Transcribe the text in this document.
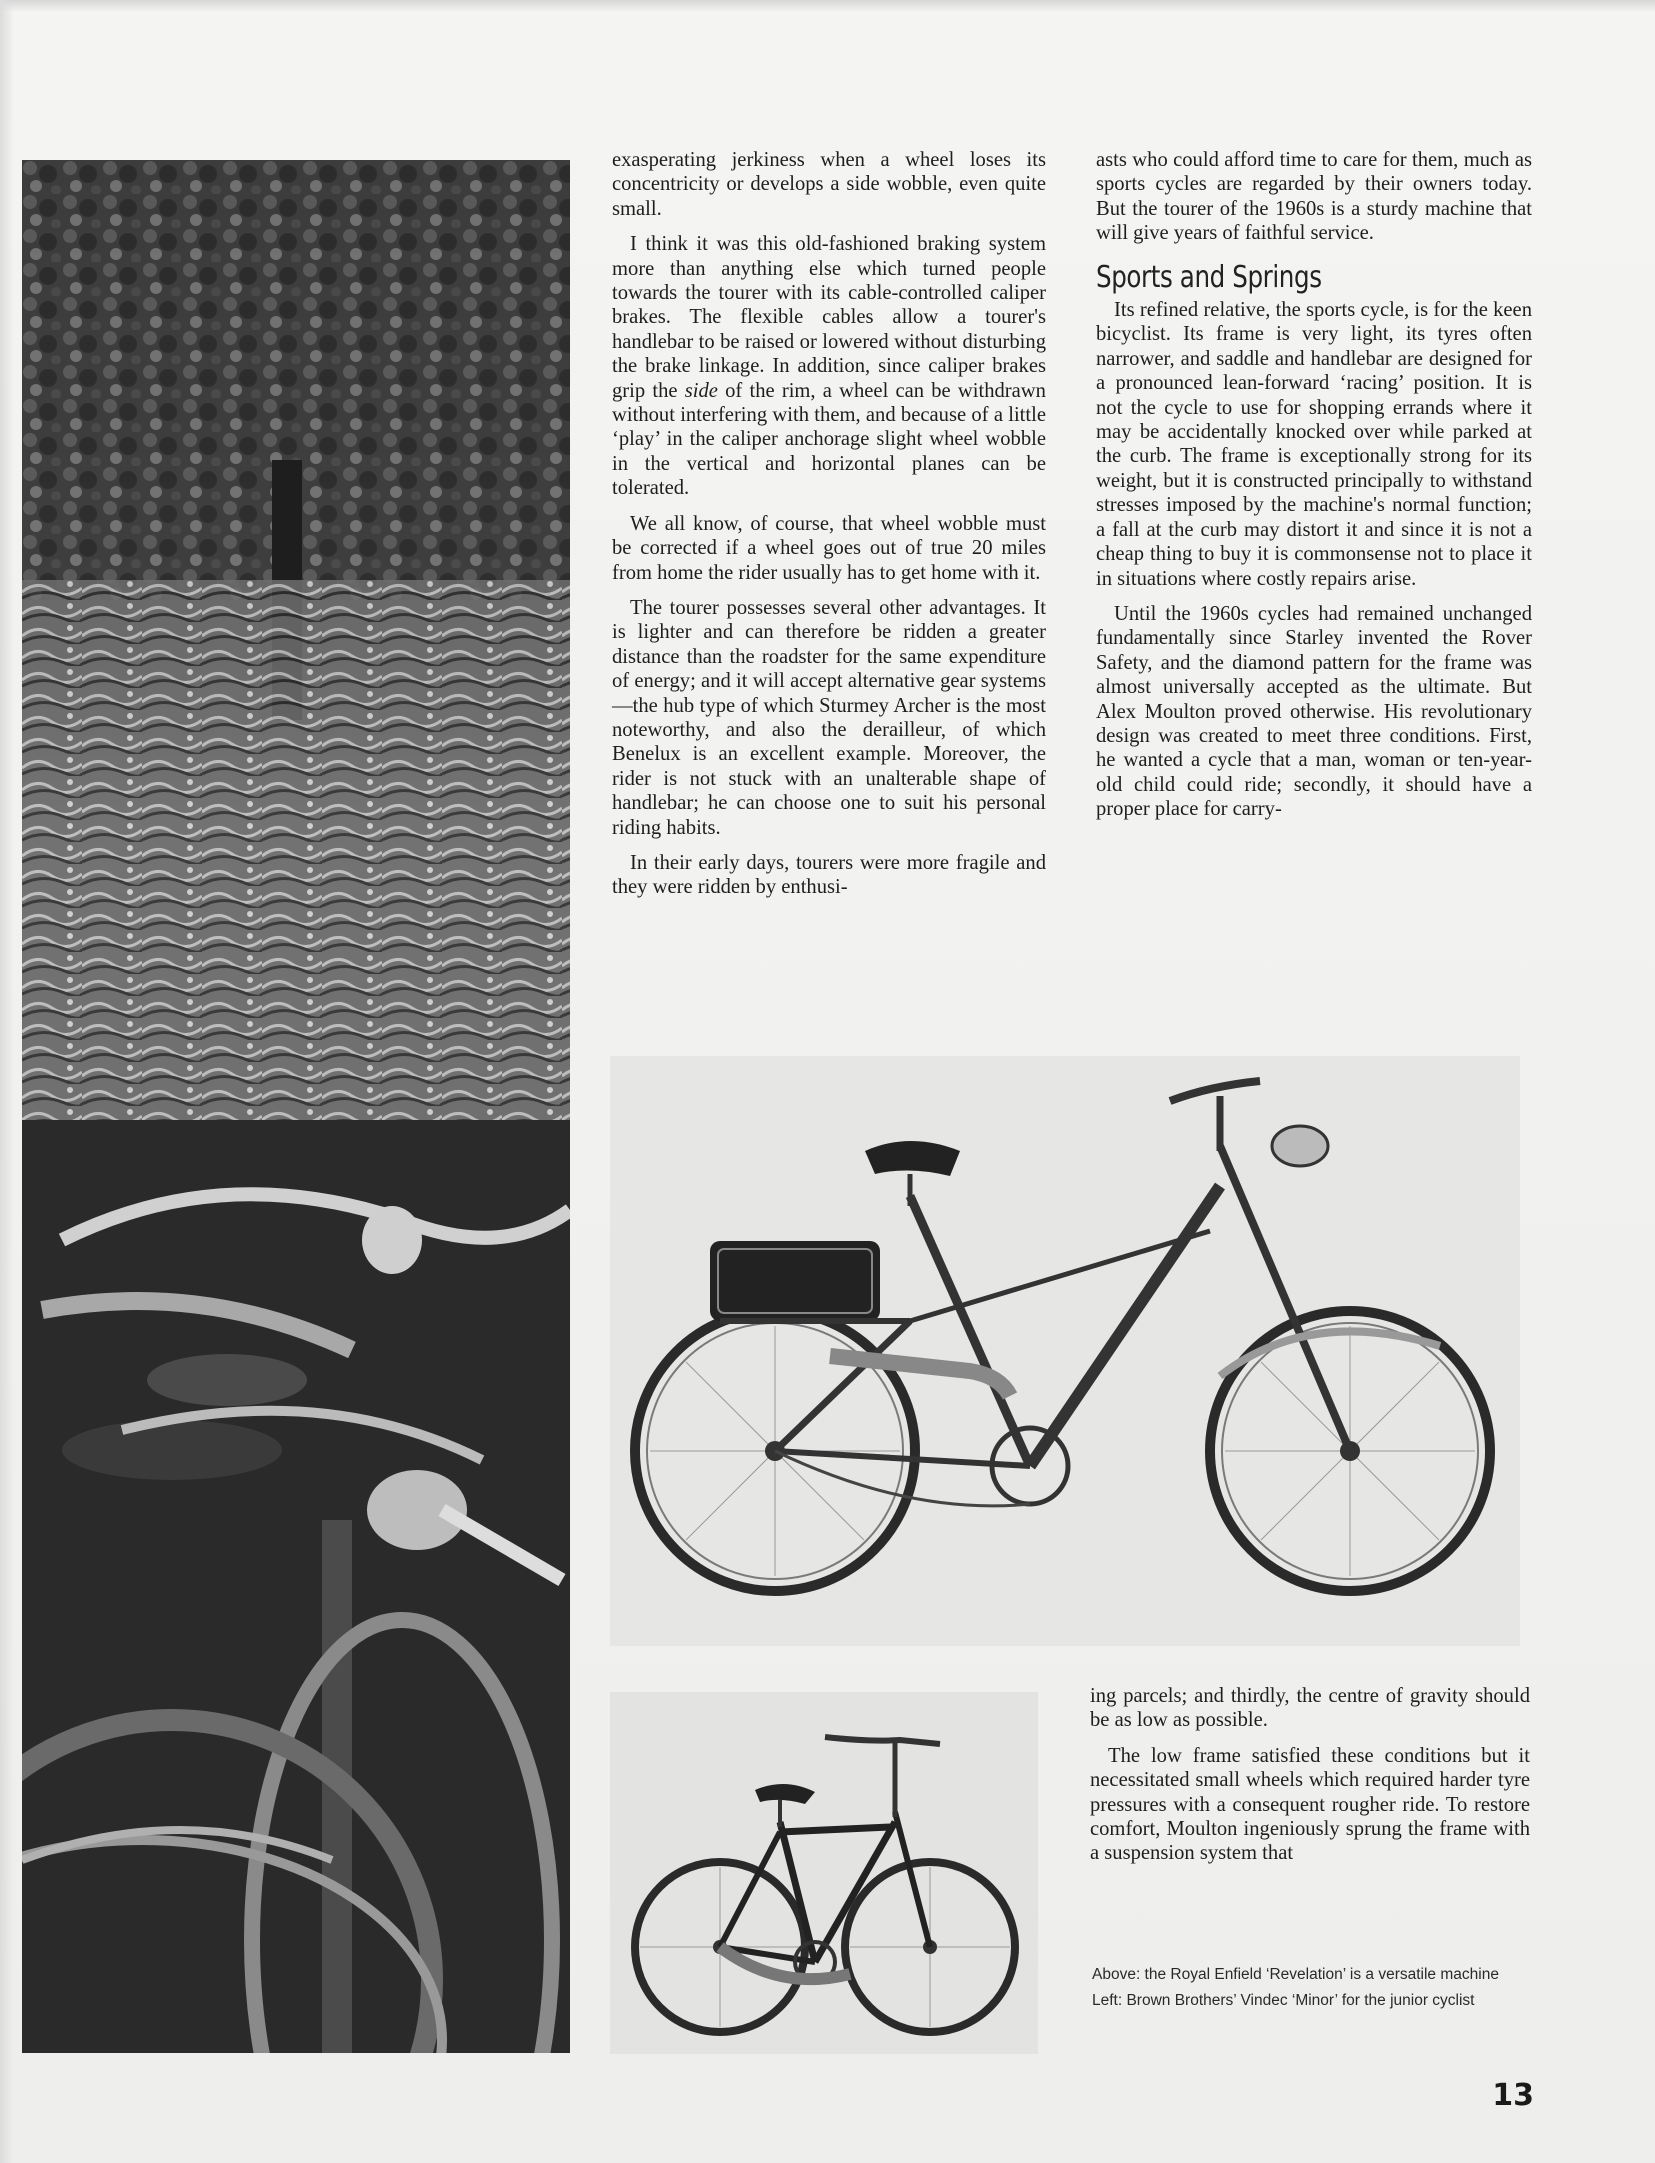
exasperating jerkiness when a wheel loses its concentricity or develops a side wobble, even quite small.

I think it was this old-fashioned braking system more than anything else which turned people towards the tourer with its cable-controlled caliper brakes. The flexible cables allow a tourer's handlebar to be raised or lowered without disturbing the brake linkage. In addition, since caliper brakes grip the side of the rim, a wheel can be withdrawn without interfering with them, and because of a little ‘play’ in the caliper anchorage slight wheel wobble in the vertical and horizontal planes can be tolerated.

We all know, of course, that wheel wobble must be corrected if a wheel goes out of true 20 miles from home the rider usually has to get home with it.

The tourer possesses several other advantages. It is lighter and can therefore be ridden a greater distance than the roadster for the same expenditure of energy; and it will accept alternative gear systems —the hub type of which Sturmey Archer is the most noteworthy, and also the derailleur, of which Benelux is an excellent example. Moreover, the rider is not stuck with an unalterable shape of handlebar; he can choose one to suit his personal riding habits.

In their early days, tourers were more fragile and they were ridden by enthusi-

asts who could afford time to care for them, much as sports cycles are regarded by their owners today. But the tourer of the 1960s is a sturdy machine that will give years of faithful service.

Sports and Springs

Its refined relative, the sports cycle, is for the keen bicyclist. Its frame is very light, its tyres often narrower, and saddle and handlebar are designed for a pronounced lean-forward ‘racing’ position. It is not the cycle to use for shopping errands where it may be accidentally knocked over while parked at the curb. The frame is exceptionally strong for its weight, but it is constructed principally to withstand stresses imposed by the machine's normal function; a fall at the curb may distort it and since it is not a cheap thing to buy it is commonsense not to place it in situations where costly repairs arise.

Until the 1960s cycles had remained unchanged fundamentally since Starley invented the Rover Safety, and the diamond pattern for the frame was almost universally accepted as the ultimate. But Alex Moulton proved otherwise. His revolutionary design was created to meet three conditions. First, he wanted a cycle that a man, woman or ten-year-old child could ride; secondly, it should have a proper place for carry-

ing parcels; and thirdly, the centre of gravity should be as low as possible.

The low frame satisfied these conditions but it necessitated small wheels which required harder tyre pressures with a consequent rougher ride. To restore comfort, Moulton ingeniously sprung the frame with a suspension system that

Above: the Royal Enfield ‘Revelation’ is a versatile machine
Left: Brown Brothers’ Vindec ‘Minor’ for the junior cyclist
13
